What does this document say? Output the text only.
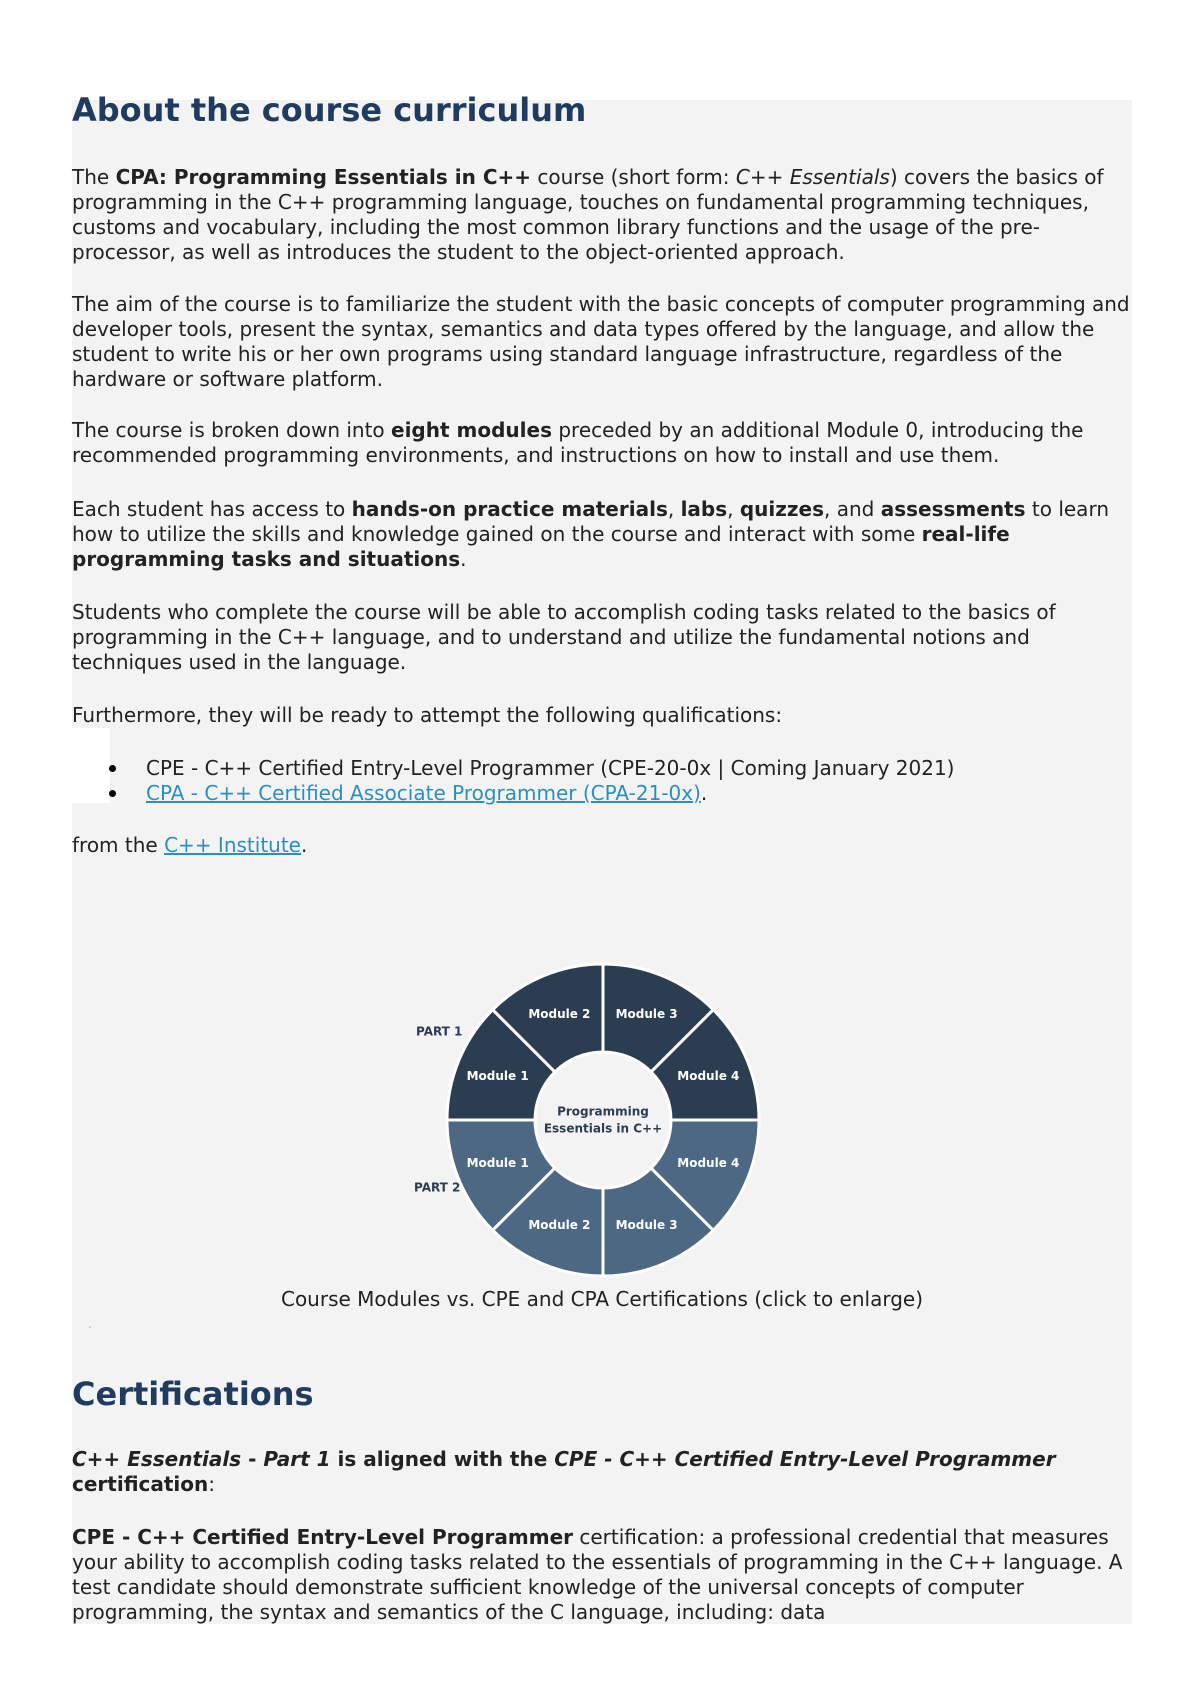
About the course curriculum

The CPA: Programming Essentials in C++ course (short form: C++ Essentials) covers the basics of programming in the C++ programming language, touches on fundamental programming techniques, customs and vocabulary, including the most common library functions and the usage of the pre-processor, as well as introduces the student to the object-oriented approach.

The aim of the course is to familiarize the student with the basic concepts of computer programming and developer tools, present the syntax, semantics and data types offered by the language, and allow the student to write his or her own programs using standard language infrastructure, regardless of the hardware or software platform.

The course is broken down into eight modules preceded by an additional Module 0, introducing the recommended programming environments, and instructions on how to install and use them.

Each student has access to hands-on practice materials, labs, quizzes, and assessments to learn how to utilize the skills and knowledge gained on the course and interact with some real-life programming tasks and situations.

Students who complete the course will be able to accomplish coding tasks related to the basics of programming in the C++ language, and to understand and utilize the fundamental notions and techniques used in the language.

Furthermore, they will be ready to attempt the following qualifications:

CPE - C++ Certified Entry-Level Programmer (CPE-20-0x | Coming January 2021)
CPA - C++ Certified Associate Programmer (CPA-21-0x).

from the C++ Institute.

Module 1
Module 2 Module 3
Module 4
Module 1
Module 2 Module 3
Module 4
Programming
Essentials in C++
PART 1
PART 2

Course Modules vs. CPE and CPA Certifications (click to enlarge)

Certifications

C++ Essentials - Part 1 is aligned with the CPE - C++ Certified Entry-Level Programmer certification:

CPE - C++ Certified Entry-Level Programmer certification: a professional credential that measures your ability to accomplish coding tasks related to the essentials of programming in the C++ language. A test candidate should demonstrate sufficient knowledge of the universal concepts of computer programming, the syntax and semantics of the C language, including: data
